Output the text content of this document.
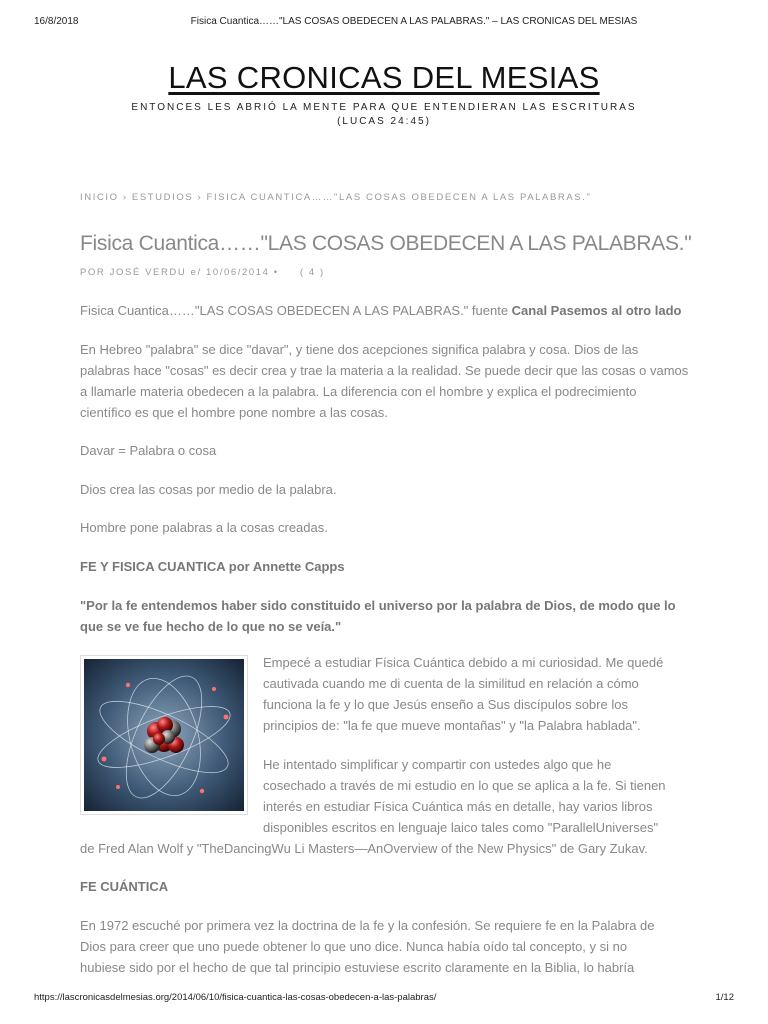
16/8/2018	Fisica Cuantica……"LAS COSAS OBEDECEN A LAS PALABRAS." – LAS CRONICAS DEL MESIAS
LAS CRONICAS DEL MESIAS
ENTONCES LES ABRIÓ LA MENTE PARA QUE ENTENDIERAN LAS ESCRITURAS
(LUCAS 24:45)
INICIO › ESTUDIOS › FISICA CUANTICA……"LAS COSAS OBEDECEN A LAS PALABRAS."
Fisica Cuantica……"LAS COSAS OBEDECEN A LAS PALABRAS."
POR JOSÉ VERDU e/ 10/06/2014 • ( 4 )

Fisica Cuantica……"LAS COSAS OBEDECEN A LAS PALABRAS." fuente Canal Pasemos al otro lado

En Hebreo "palabra" se dice "davar", y tiene dos acepciones significa palabra y cosa. Dios de las palabras hace "cosas" es decir crea y trae la materia a la realidad. Se puede decir que las cosas o vamos a llamarle materia obedecen a la palabra. La diferencia con el hombre y explica el podrecimiento científico es que el hombre pone nombre a las cosas.

Davar = Palabra o cosa

Dios crea las cosas por medio de la palabra.

Hombre pone palabras a la cosas creadas.

FE Y FISICA CUANTICA por Annette Capps

"Por la fe entendemos haber sido constituido el universo por la palabra de Dios, de modo que lo que se ve fue hecho de lo que no se veía."

Empecé a estudiar Física Cuántica debido a mi curiosidad. Me quedé

cautivada cuando me di cuenta de la similitud en relación a cómo

funciona la fe y lo que Jesús enseño a Sus discípulos sobre los

principios de: "la fe que mueve montañas" y "la Palabra hablada".

He intentado simplificar y compartir con ustedes algo que he

cosechado a través de mi estudio en lo que se aplica a la fe. Si tienen

interés en estudiar Física Cuántica más en detalle, hay varios libros

disponibles escritos en lenguaje laico tales como "ParallelUniverses"

de Fred Alan Wolf y "TheDancingWu Li Masters—AnOverview of the New Physics" de Gary Zukav.

FE CUÁNTICA

En 1972 escuché por primera vez la doctrina de la fe y la confesión. Se requiere fe en la Palabra de

Dios para creer que uno puede obtener lo que uno dice. Nunca había oído tal concepto, y si no

hubiese sido por el hecho de que tal principio estuviese escrito claramente en la Biblia, lo habría

https://lascronicasdelmesias.org/2014/06/10/fisica-cuantica-las-cosas-obedecen-a-las-palabras/	1/12
